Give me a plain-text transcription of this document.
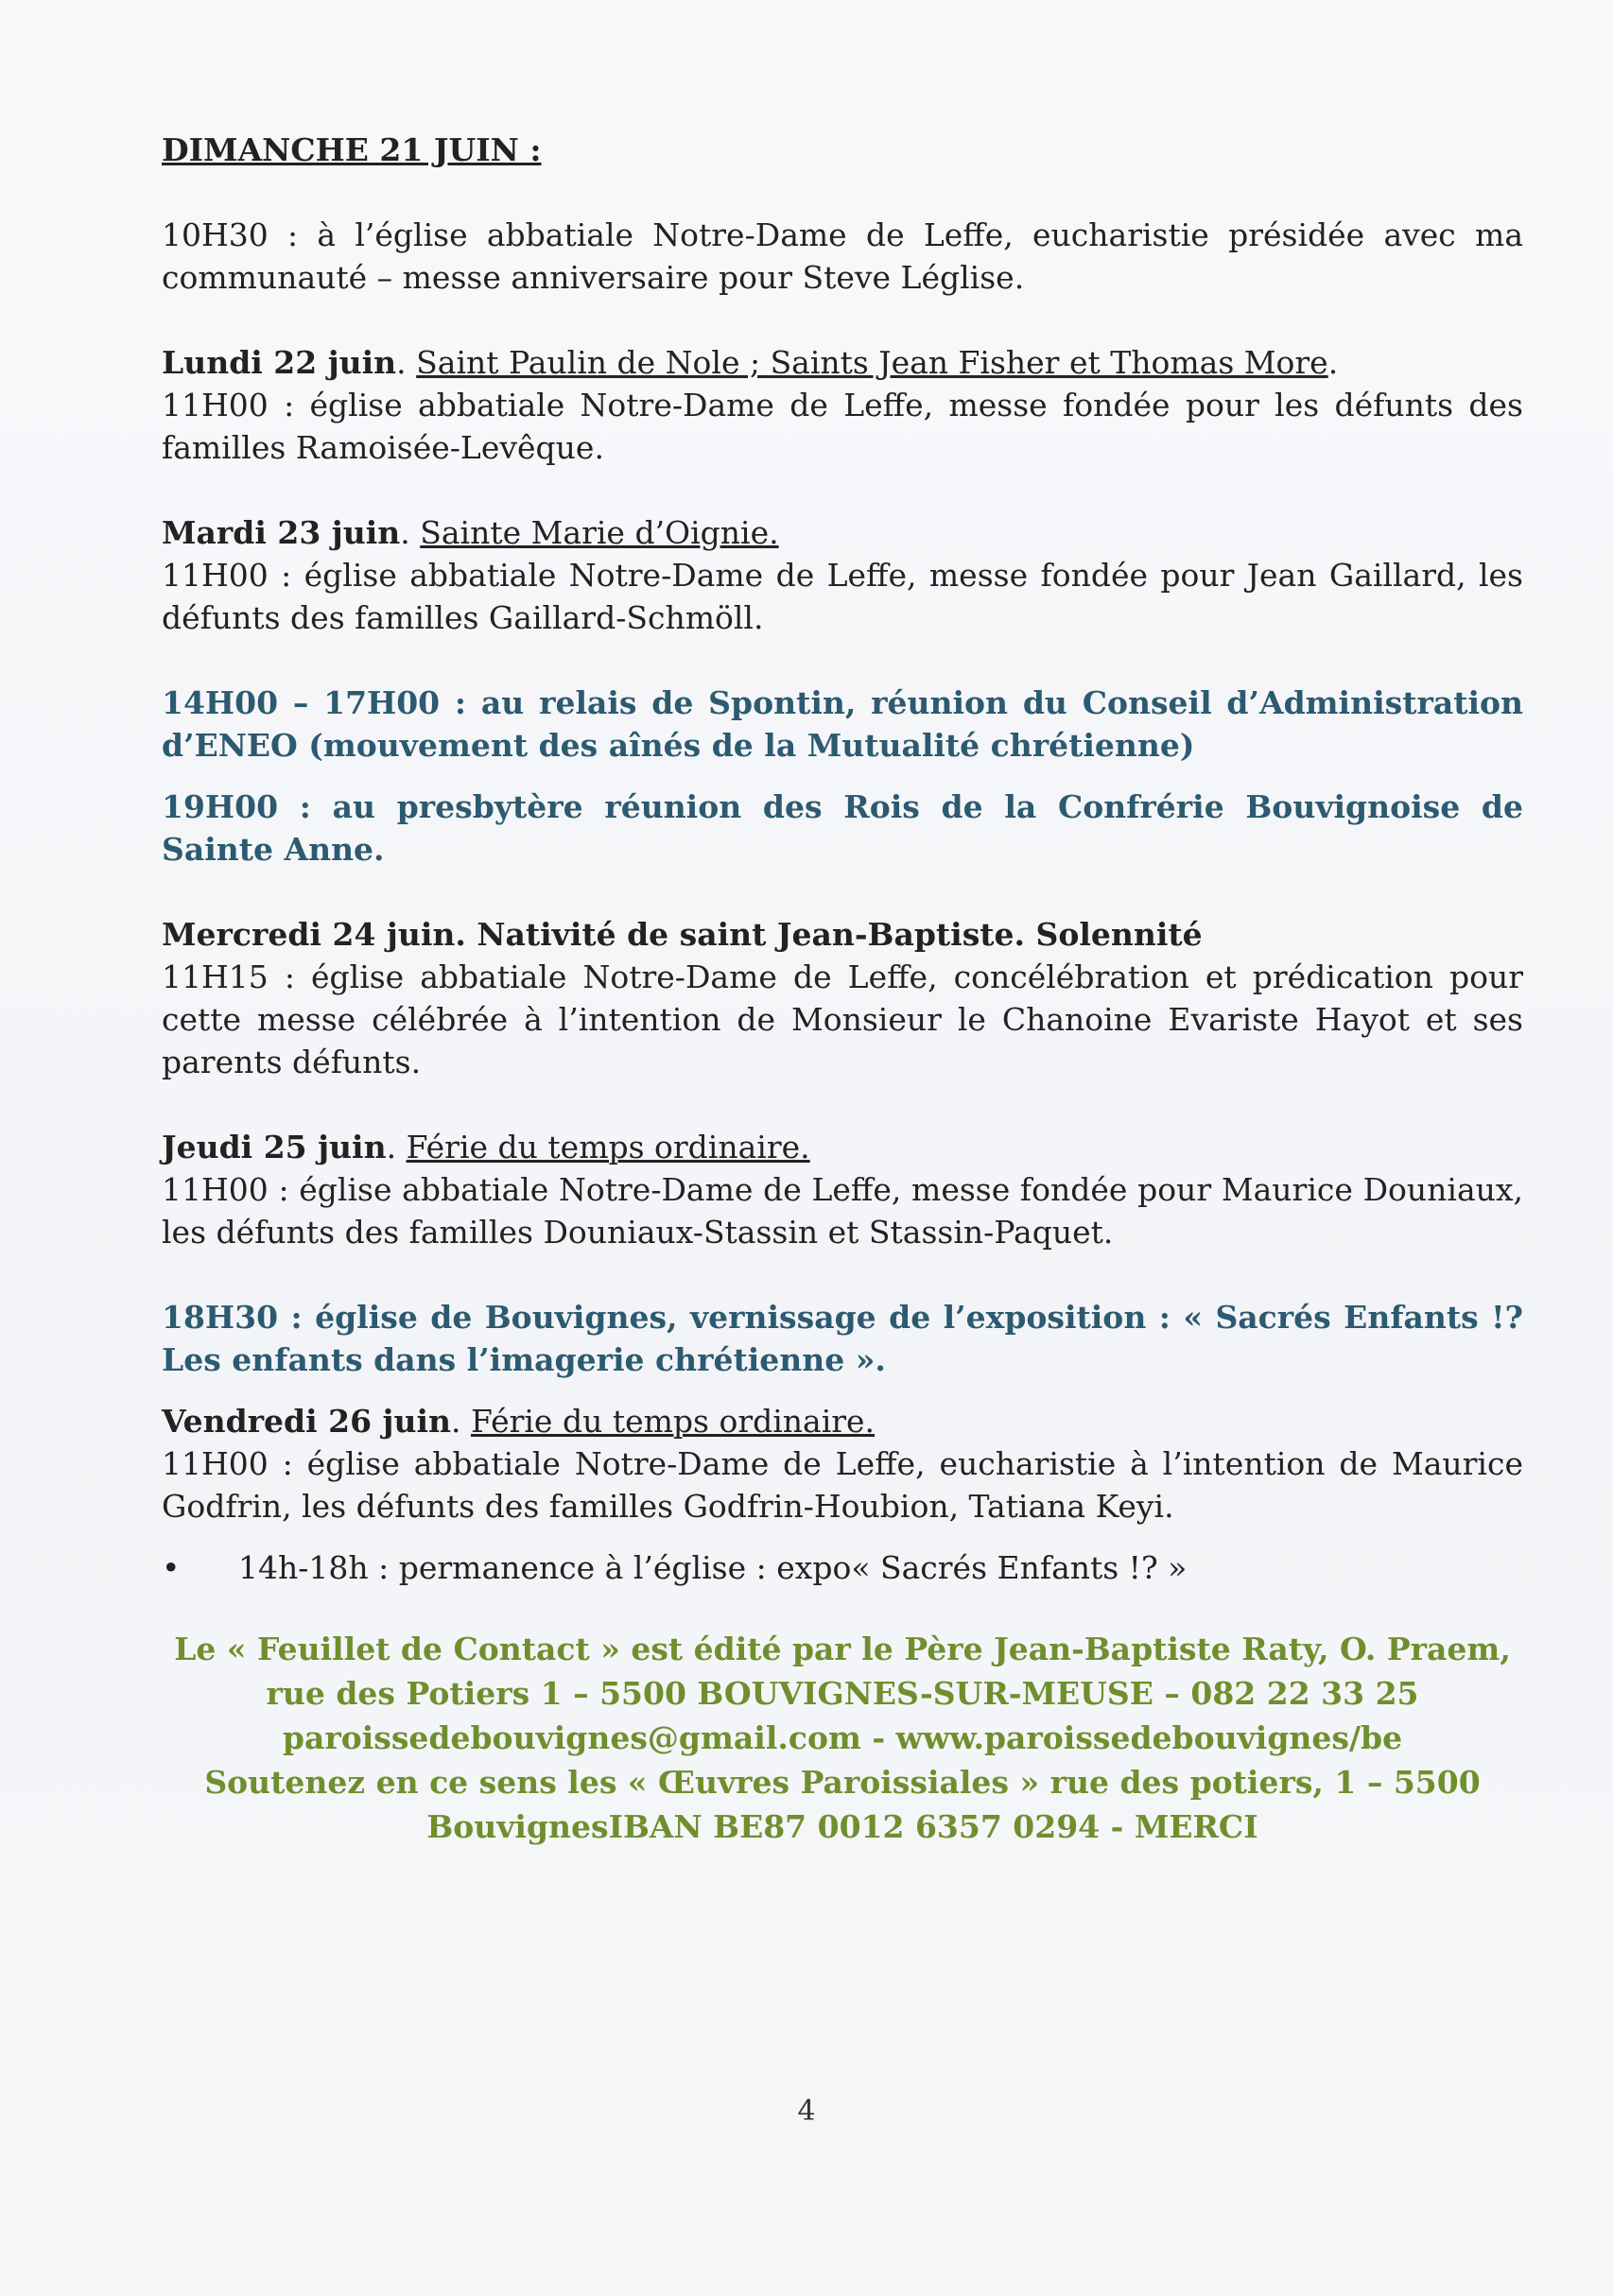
DIMANCHE 21 JUIN :

10H30 : à l’église abbatiale Notre-Dame de Leffe, eucharistie présidée avec ma communauté – messe anniversaire pour Steve Léglise.

Lundi 22 juin. Saint Paulin de Nole ; Saints Jean Fisher et Thomas More.

11H00 : église abbatiale Notre-Dame de Leffe, messe fondée pour les défunts des familles Ramoisée-Levêque.

Mardi 23 juin. Sainte Marie d’Oignie.

11H00 : église abbatiale Notre-Dame de Leffe, messe fondée pour Jean Gaillard, les défunts des familles Gaillard-Schmöll.

14H00 – 17H00 : au relais de Spontin, réunion du Conseil d’Administration d’ENEO (mouvement des aînés de la Mutualité chrétienne)

19H00 : au presbytère réunion des Rois de la Confrérie Bouvignoise de Sainte Anne.

Mercredi 24 juin. Nativité de saint Jean-Baptiste. Solennité

11H15 : église abbatiale Notre-Dame de Leffe, concélébration et prédication pour cette messe célébrée à l’intention de Monsieur le Chanoine Evariste Hayot et ses parents défunts.

Jeudi 25 juin. Férie du temps ordinaire.

11H00 : église abbatiale Notre-Dame de Leffe, messe fondée pour Maurice Douniaux, les défunts des familles Douniaux-Stassin et Stassin-Paquet.

18H30 : église de Bouvignes, vernissage de l’exposition : « Sacrés Enfants !? Les enfants dans l’imagerie chrétienne ».

Vendredi 26 juin. Férie du temps ordinaire.

11H00 : église abbatiale Notre-Dame de Leffe, eucharistie à l’intention de Maurice Godfrin, les défunts des familles Godfrin-Houbion, Tatiana Keyi.

• 14h-18h : permanence à l’église : expo« Sacrés Enfants !? »
Le « Feuillet de Contact » est édité par le Père Jean-Baptiste Raty, O. Praem,
rue des Potiers 1 – 5500 BOUVIGNES-SUR-MEUSE – 082 22 33 25
paroissedebouvignes@gmail.com - www.paroissedebouvignes/be
Soutenez en ce sens les « Œuvres Paroissiales » rue des potiers, 1 – 5500
BouvignesIBAN BE87 0012 6357 0294 - MERCI
4
